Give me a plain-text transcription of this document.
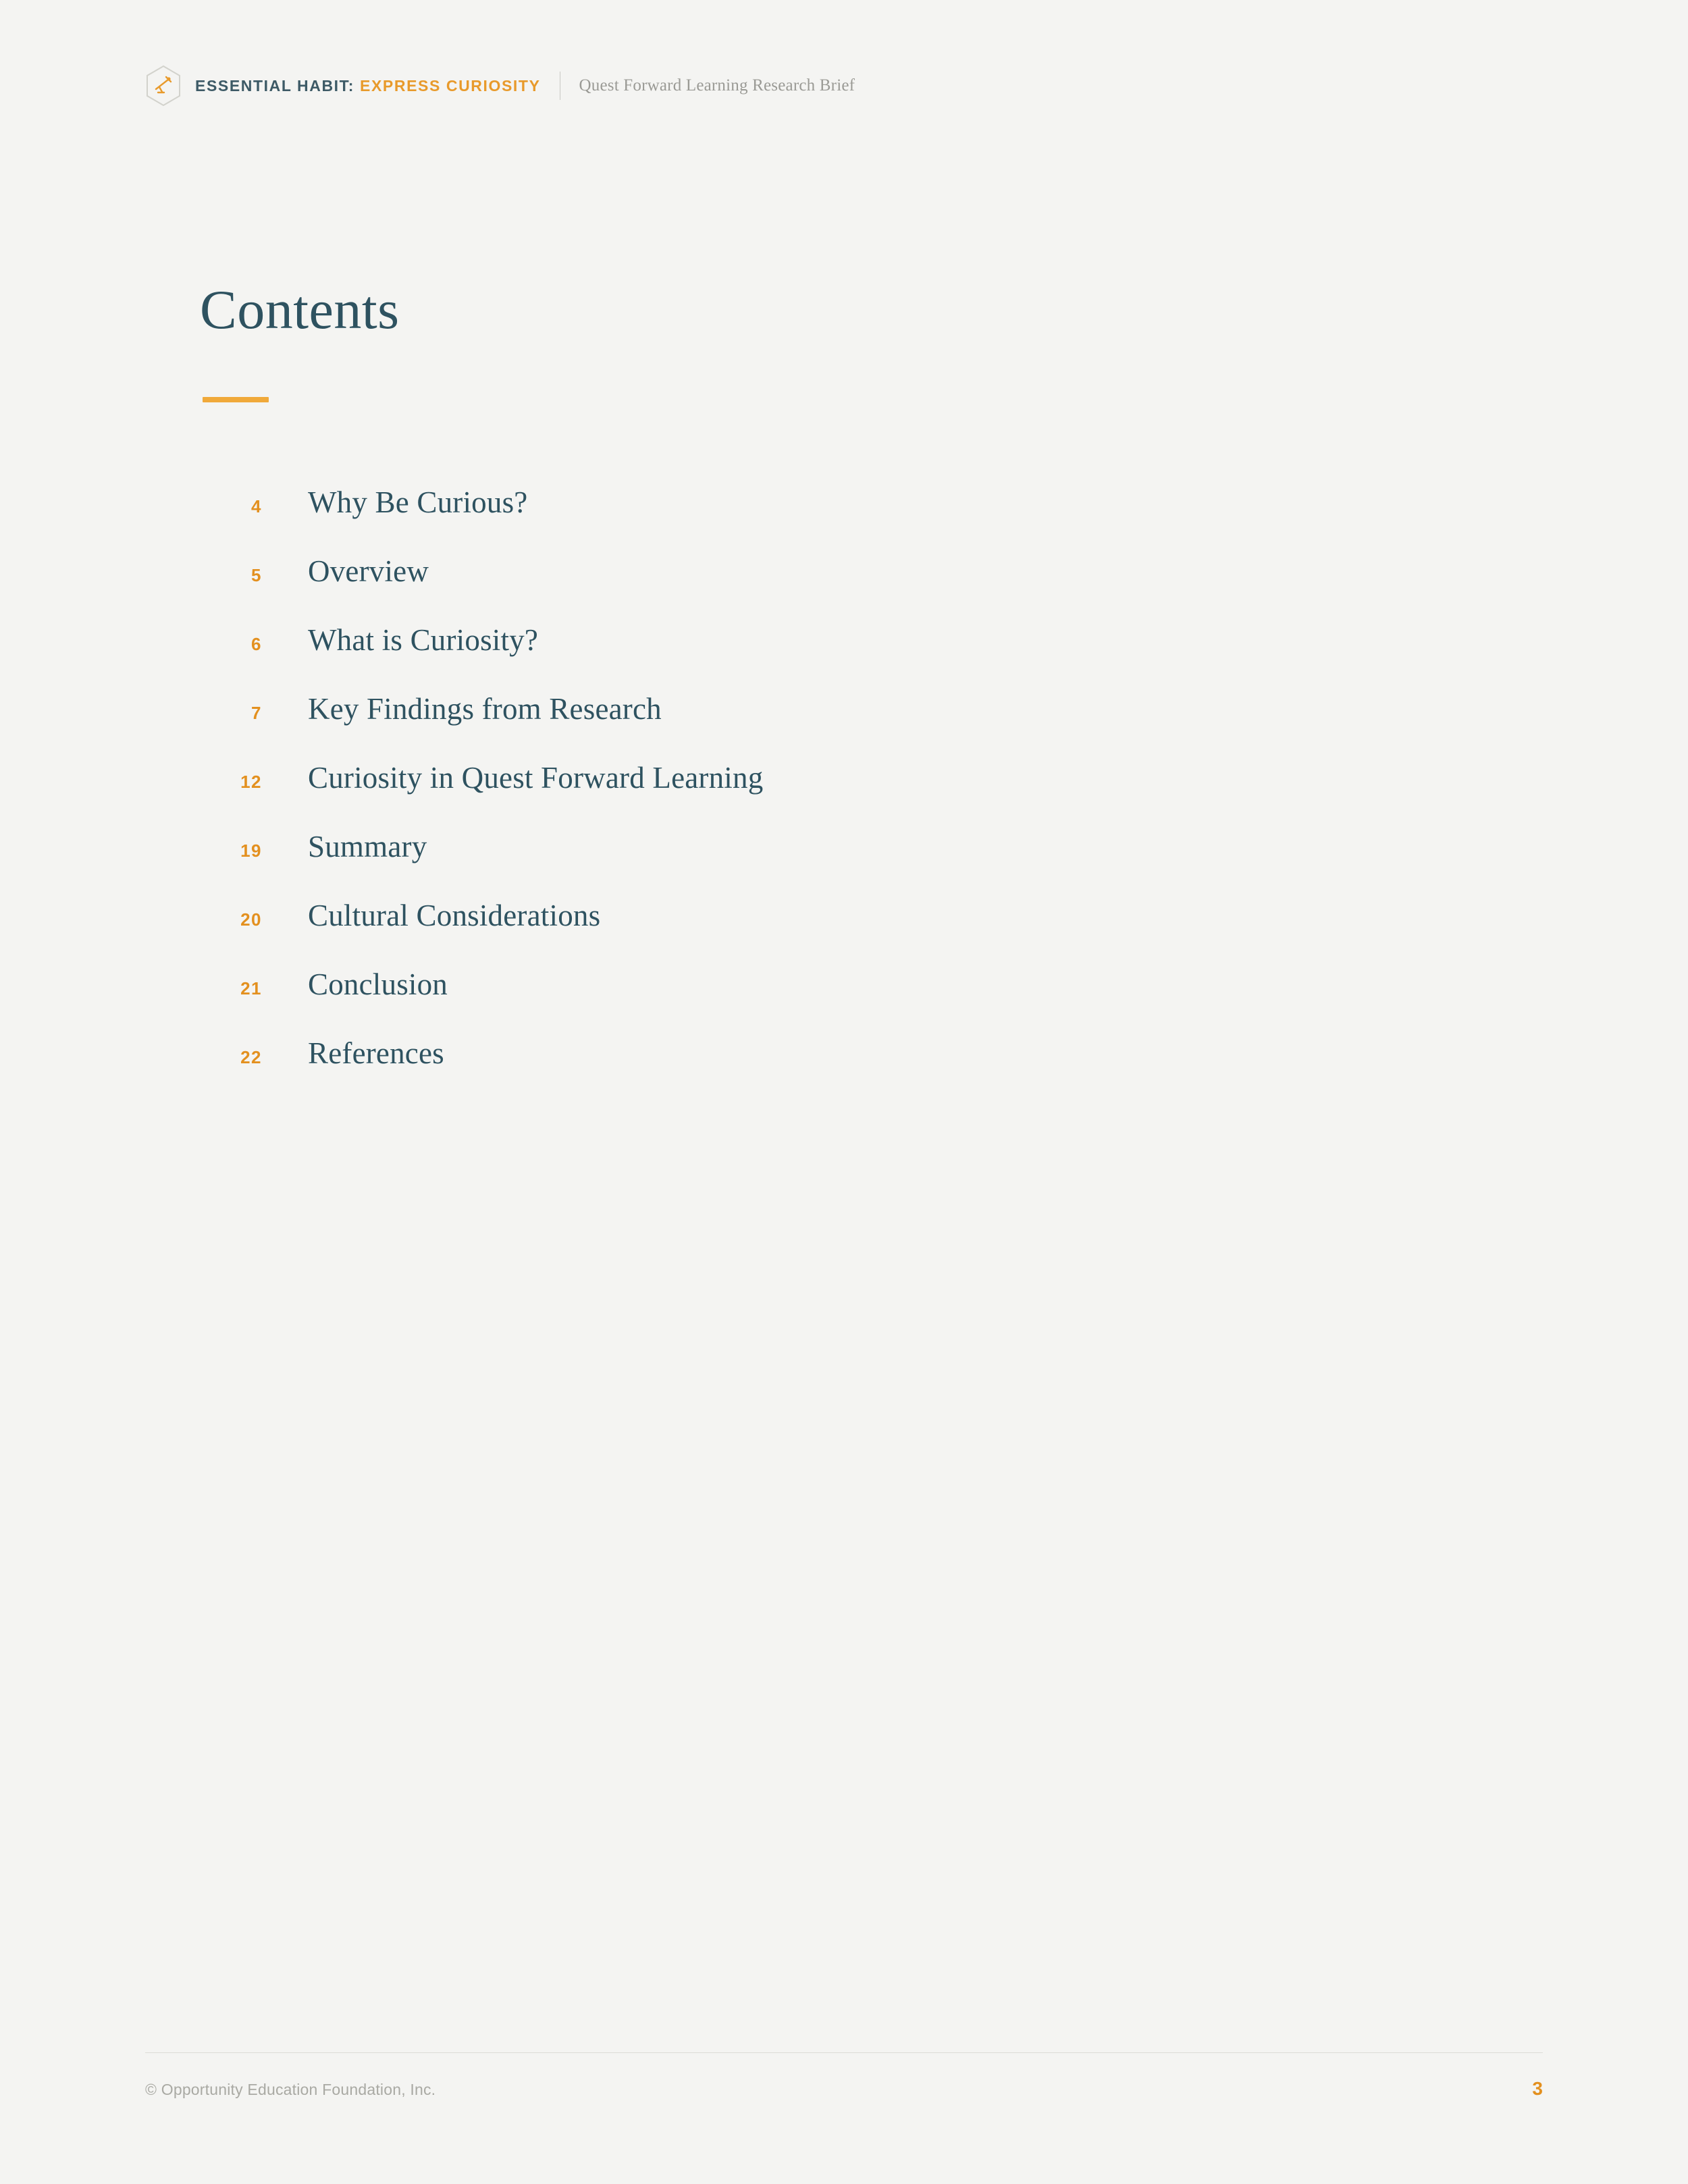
ESSENTIAL HABIT: EXPRESS CURIOSITY Quest Forward Learning Research Brief
Contents
4 Why Be Curious?
5 Overview
6 What is Curiosity?
7 Key Findings from Research
12 Curiosity in Quest Forward Learning
19 Summary
20 Cultural Considerations
21 Conclusion
22 References
© Opportunity Education Foundation, Inc.	3
